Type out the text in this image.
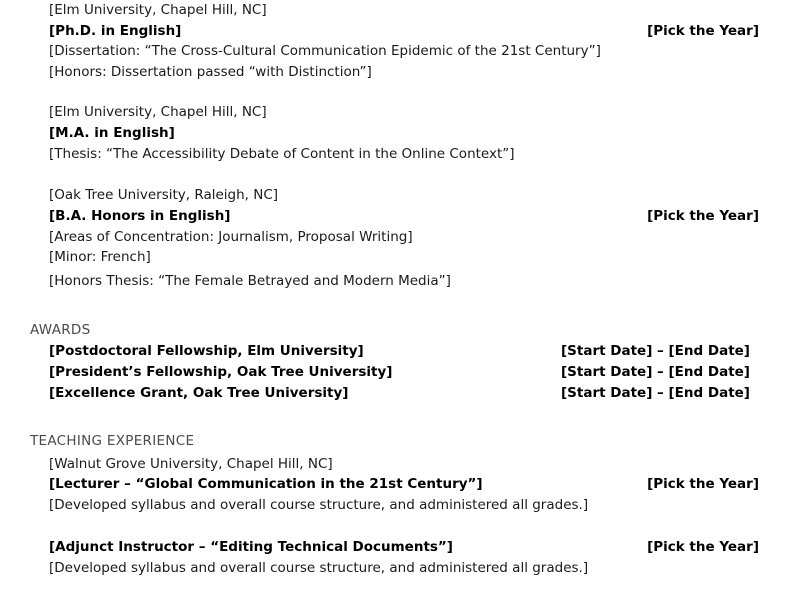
[Elm University, Chapel Hill, NC]
[Ph.D. in English]	[Pick the Year]
[Dissertation: “The Cross-Cultural Communication Epidemic of the 21st Century”]
[Honors: Dissertation passed “with Distinction”]
[Elm University, Chapel Hill, NC]
[M.A. in English]
[Thesis: “The Accessibility Debate of Content in the Online Context”]
[Oak Tree University, Raleigh, NC]
[B.A. Honors in English]	[Pick the Year]
[Areas of Concentration: Journalism, Proposal Writing]
[Minor: French]
[Honors Thesis: “The Female Betrayed and Modern Media”]
AWARDS
[Postdoctoral Fellowship, Elm University]	[Start Date] – [End Date]
[President’s Fellowship, Oak Tree University]	[Start Date] – [End Date]
[Excellence Grant, Oak Tree University]	[Start Date] – [End Date]
TEACHING EXPERIENCE
[Walnut Grove University, Chapel Hill, NC]
[Lecturer – “Global Communication in the 21st Century”]	[Pick the Year]
[Developed syllabus and overall course structure, and administered all grades.]
[Adjunct Instructor – “Editing Technical Documents”]	[Pick the Year]
[Developed syllabus and overall course structure, and administered all grades.]
